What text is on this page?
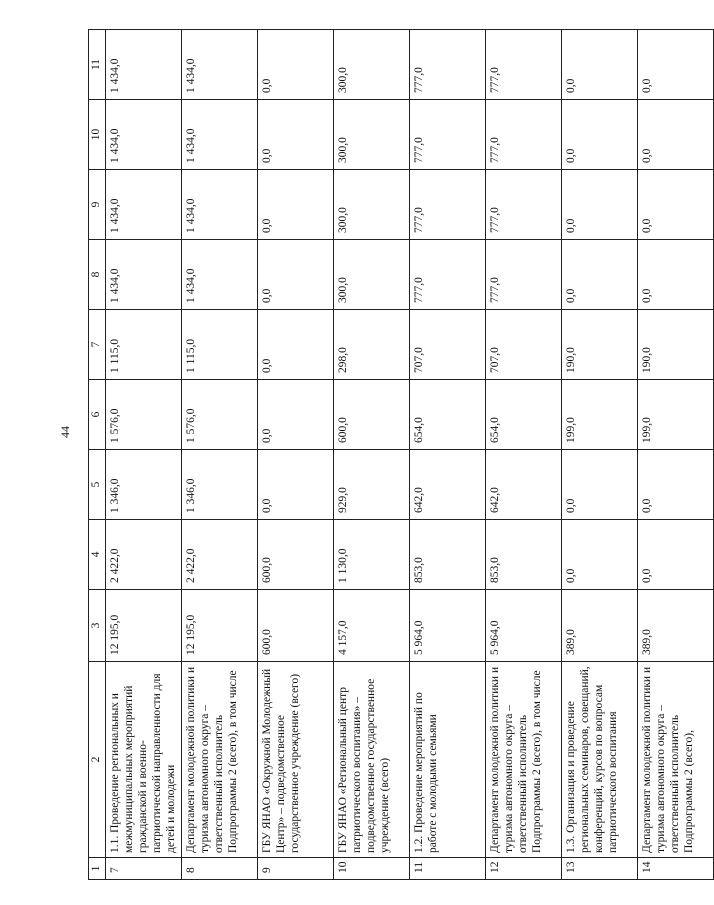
44
1	2	3	4	5	6	7	8	9	10	11
7	1.1. Проведение региональных и межмуниципальных мероприятий гражданской и военно-патриотической направленности для детей и молодежи	12 195,0	2 422,0	1 346,0	1 576,0	1 115,0	1 434,0	1 434,0	1 434,0	1 434,0
8	Департамент молодежной политики и туризма автономного округа – ответственный исполнитель Подпрограммы 2 (всего), в том числе	12 195,0	2 422,0	1 346,0	1 576,0	1 115,0	1 434,0	1 434,0	1 434,0	1 434,0
9	ГБУ ЯНАО «Окружной Молодежный Центр» – подведомственное государственное учреждение (всего)	600,0	600,0	0,0	0,0	0,0	0,0	0,0	0,0	0,0
10	ГБУ ЯНАО «Региональный центр патриотического воспитания» – подведомственное государственное учреждение (всего)	4 157,0	1 130,0	929,0	600,0	298,0	300,0	300,0	300,0	300,0
11	1.2. Проведение мероприятий по работе с молодыми семьями	5 964,0	853,0	642,0	654,0	707,0	777,0	777,0	777,0	777,0
12	Департамент молодежной политики и туризма автономного округа – ответственный исполнитель Подпрограммы 2 (всего), в том числе	5 964,0	853,0	642,0	654,0	707,0	777,0	777,0	777,0	777,0
13	1.3. Организация и проведение региональных семинаров, совещаний, конференций, курсов по вопросам патриотического воспитания	389,0	0,0	0,0	199,0	190,0	0,0	0,0	0,0	0,0
14	Департамент молодежной политики и туризма автономного округа – ответственный исполнитель Подпрограммы 2 (всего),	389,0	0,0	0,0	199,0	190,0	0,0	0,0	0,0	0,0
